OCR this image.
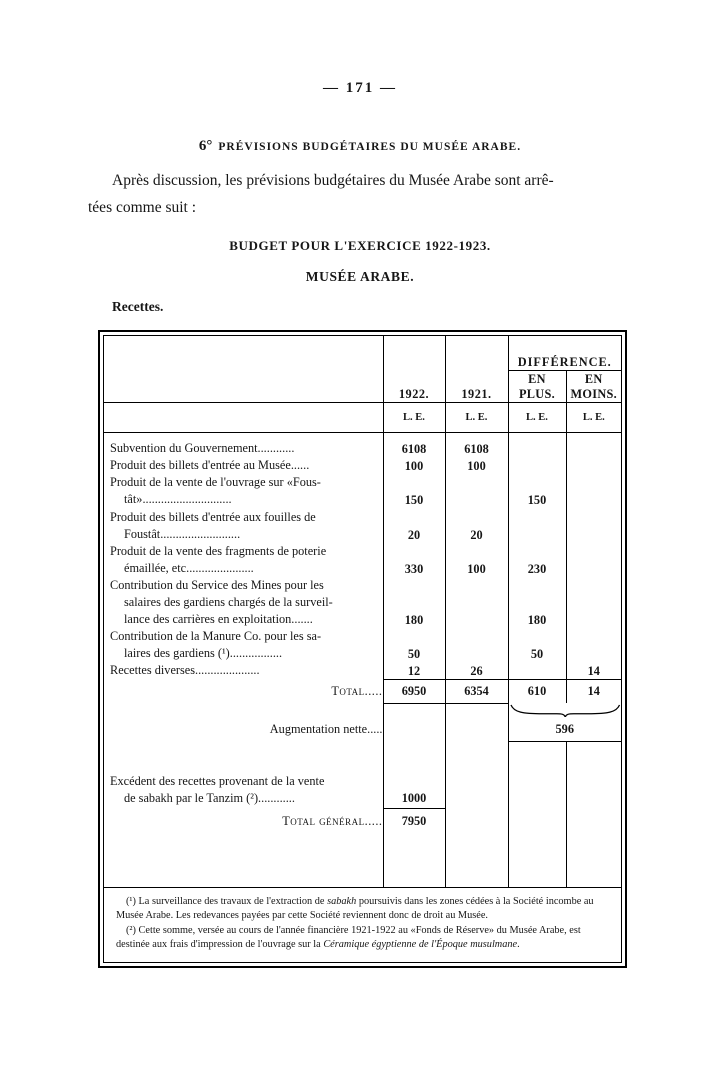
— 171 —
6° PRÉVISIONS BUDGÉTAIRES DU MUSÉE ARABE.
Après discussion, les prévisions budgétaires du Musée Arabe sont arrê-
tées comme suit :
BUDGET POUR L'EXERCICE 1922-1923.
MUSÉE ARABE.
Recettes.
	1922.	1921.	DIFFÉRENCE.	
			EN PLUS.	EN MOINS.
	L. E.	L. E.	L. E.	L. E.

Subvention du Gouvernement............	6108	6108		

Produit des billets d'entrée au Musée......	100	100		

Produit de la vente de l'ouvrage sur «Fous-
tât».............................	150		150	

Produit des billets d'entrée aux fouilles de
Foustât..........................	20	20		

Produit de la vente des fragments de poterie
émaillée, etc......................	330	100	230	

Contribution du Service des Mines pour les
salaires des gardiens chargés de la surveil-
lance des carrières en exploitation.......	180		180	

Contribution de la Manure Co. pour les sa-
laires des gardiens (¹).................	50		50	

Recettes diverses.....................	12	26		14
Total.....	6950	6354	610	14

Augmentation nette.....			596	

Excédent des recettes provenant de la vente
de sabakh par le Tanzim (²)............	1000			
Total général.....	7950			

(¹) La surveillance des travaux de l'extraction de sabakh poursuivis dans les zones cédées à la Société incombe au Musée Arabe. Les redevances payées par cette Société reviennent donc de droit au Musée.

(²) Cette somme, versée au cours de l'année financière 1921-1922 au «Fonds de Réserve» du Musée Arabe, est destinée aux frais d'impression de l'ouvrage sur la Céramique égyptienne de l'Époque musulmane.
